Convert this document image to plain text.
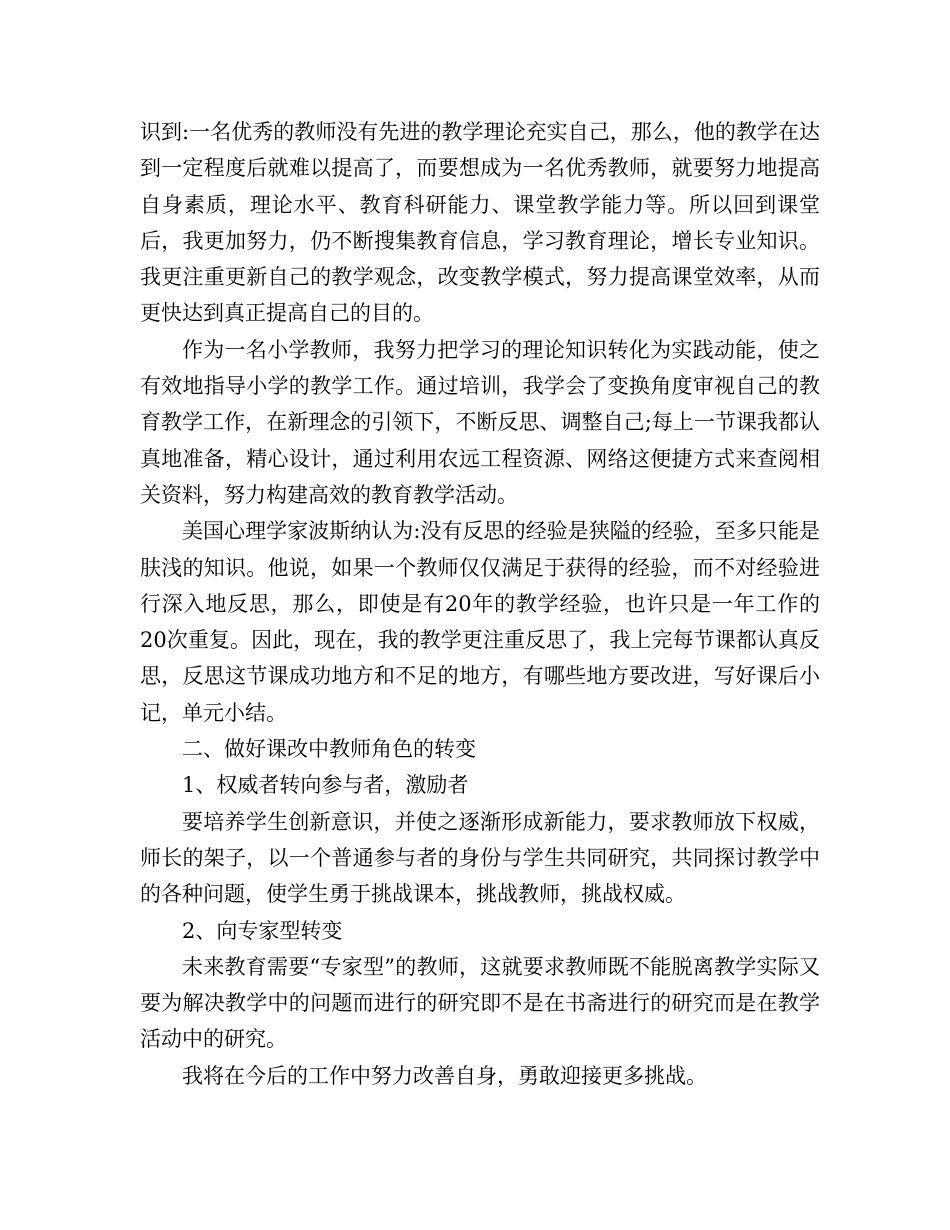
识到:一名优秀的教师没有先进的教学理论充实自己，那么，他的教学在达到一定程度后就难以提高了，而要想成为一名优秀教师，就要努力地提高自身素质，理论水平、教育科研能力、课堂教学能力等。所以回到课堂后，我更加努力，仍不断搜集教育信息，学习教育理论，增长专业知识。我更注重更新自己的教学观念，改变教学模式，努力提高课堂效率，从而更快达到真正提高自己的目的。

作为一名小学教师，我努力把学习的理论知识转化为实践动能，使之有效地指导小学的教学工作。通过培训，我学会了变换角度审视自己的教育教学工作，在新理念的引领下，不断反思、调整自己;每上一节课我都认真地准备，精心设计，通过利用农远工程资源、网络这便捷方式来查阅相关资料，努力构建高效的教育教学活动。

美国心理学家波斯纳认为:没有反思的经验是狭隘的经验，至多只能是肤浅的知识。他说，如果一个教师仅仅满足于获得的经验，而不对经验进行深入地反思，那么，即使是有20年的教学经验，也许只是一年工作的20次重复。因此，现在，我的教学更注重反思了，我上完每节课都认真反思，反思这节课成功地方和不足的地方，有哪些地方要改进，写好课后小记，单元小结。

二、做好课改中教师角色的转变

1、权威者转向参与者，激励者

要培养学生创新意识，并使之逐渐形成新能力，要求教师放下权威，师长的架子，以一个普通参与者的身份与学生共同研究，共同探讨教学中的各种问题，使学生勇于挑战课本，挑战教师，挑战权威。

2、向专家型转变

未来教育需要“专家型”的教师，这就要求教师既不能脱离教学实际又要为解决教学中的问题而进行的研究即不是在书斋进行的研究而是在教学活动中的研究。

我将在今后的工作中努力改善自身，勇敢迎接更多挑战。
